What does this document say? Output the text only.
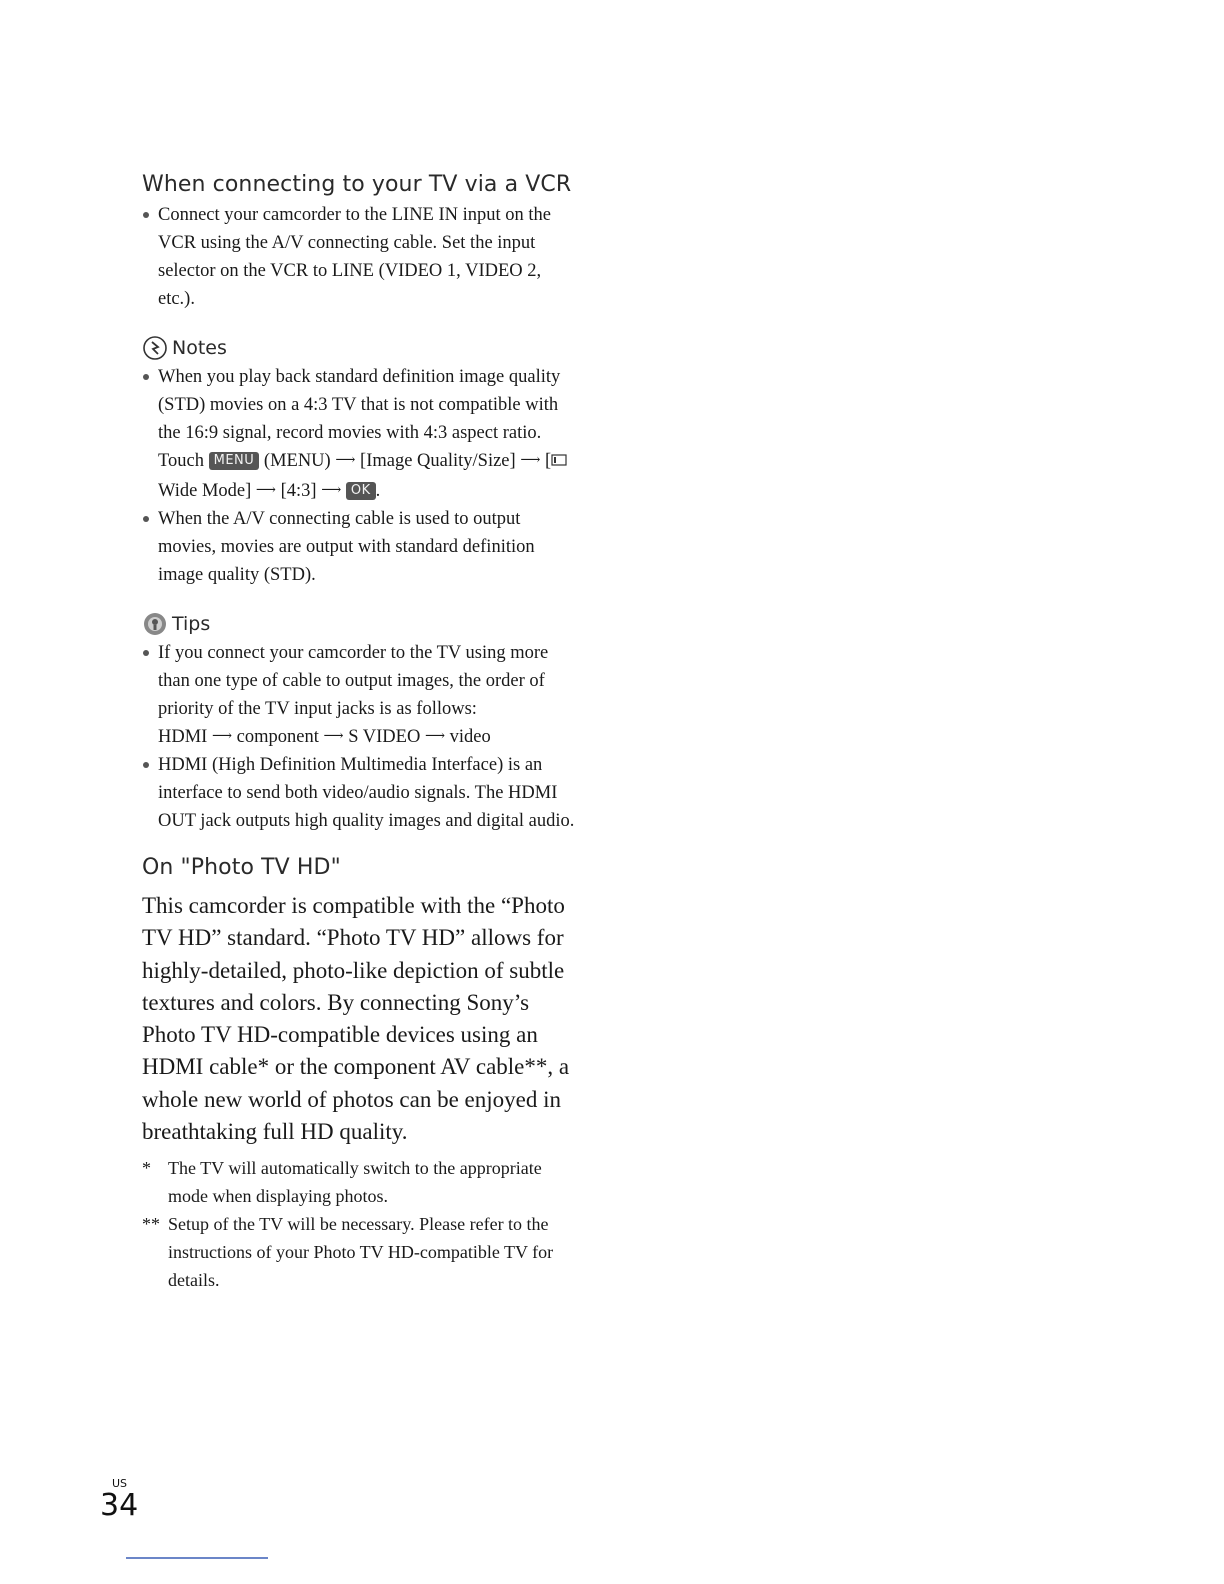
When connecting to your TV via a VCR
Connect your camcorder to the LINE IN input on the VCR using the A/V connecting cable. Set the input selector on the VCR to LINE (VIDEO 1, VIDEO 2, etc.).
Notes
When you play back standard definition image quality (STD) movies on a 4:3 TV that is not compatible with the 16:9 signal, record movies with 4:3 aspect ratio. Touch MENU (MENU) ⟶ [Image Quality/Size] ⟶ [ Wide Mode] ⟶ [4:3] ⟶ OK .
When the A/V connecting cable is used to output movies, movies are output with standard definition image quality (STD).
Tips
If you connect your camcorder to the TV using more than one type of cable to output images, the order of priority of the TV input jacks is as follows:
HDMI ⟶ component ⟶ S VIDEO ⟶ video
HDMI (High Definition Multimedia Interface) is an interface to send both video/audio signals. The HDMI OUT jack outputs high quality images and digital audio.
On "Photo TV HD"

This camcorder is compatible with the “Photo TV HD” standard. “Photo TV HD” allows for highly-detailed, photo-like depiction of subtle textures and colors. By connecting Sony’s Photo TV HD-compatible devices using an HDMI cable* or the component AV cable**, a whole new world of photos can be enjoyed in breathtaking full HD quality.

* The TV will automatically switch to the appropriate mode when displaying photos.

** Setup of the TV will be necessary. Please refer to the instructions of your Photo TV HD-compatible TV for details.

US
34
